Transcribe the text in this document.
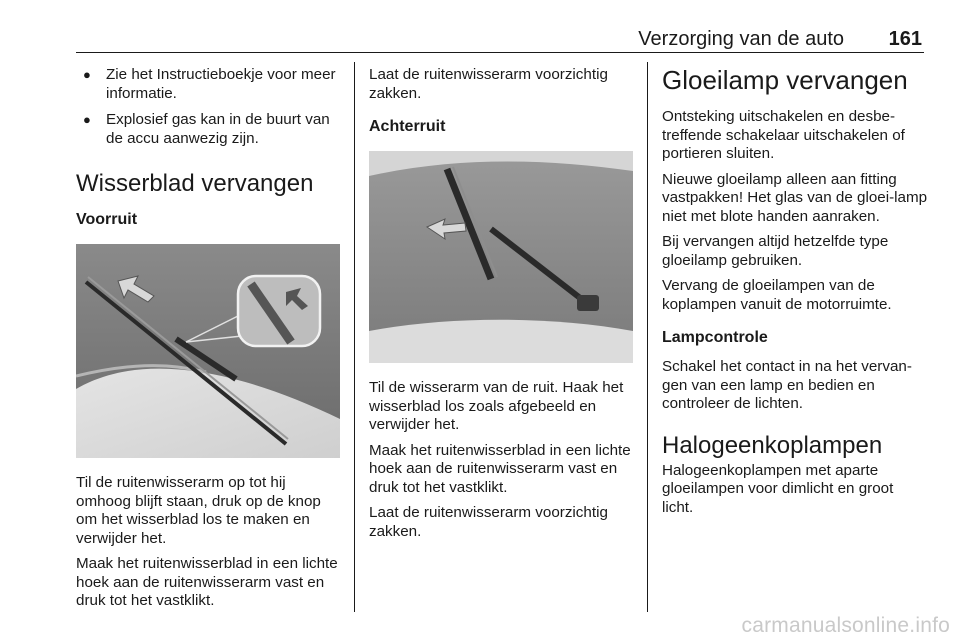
Verzorging van de auto 161
● Zie het Instructieboekje voor meer informatie.
● Explosief gas kan in de buurt van de accu aanwezig zijn.
Wisserblad vervangen
Voorruit

Til de ruitenwisserarm op tot hij omhoog blijft staan, druk op de knop om het wisserblad los te maken en verwijder het.

Maak het ruitenwisserblad in een lichte hoek aan de ruitenwisserarm vast en druk tot het vastklikt.

Laat de ruitenwisserarm voorzichtig zakken.

Achterruit

Til de wisserarm van de ruit. Haak het wisserblad los zoals afgebeeld en verwijder het.

Maak het ruitenwisserblad in een lichte hoek aan de ruitenwisserarm vast en druk tot het vastklikt.

Laat de ruitenwisserarm voorzichtig zakken.

Gloeilamp vervangen

Ontsteking uitschakelen en desbe-treffende schakelaar uitschakelen of portieren sluiten.

Nieuwe gloeilamp alleen aan fitting vastpakken! Het glas van de gloei-lamp niet met blote handen aanraken.

Bij vervangen altijd hetzelfde type gloeilamp gebruiken.

Vervang de gloeilampen van de koplampen vanuit de motorruimte.

Lampcontrole

Schakel het contact in na het vervan-gen van een lamp en bedien en controleer de lichten.

Halogeenkoplampen

Halogeenkoplampen met aparte gloeilampen voor dimlicht en groot licht.

carmanualsonline.info
